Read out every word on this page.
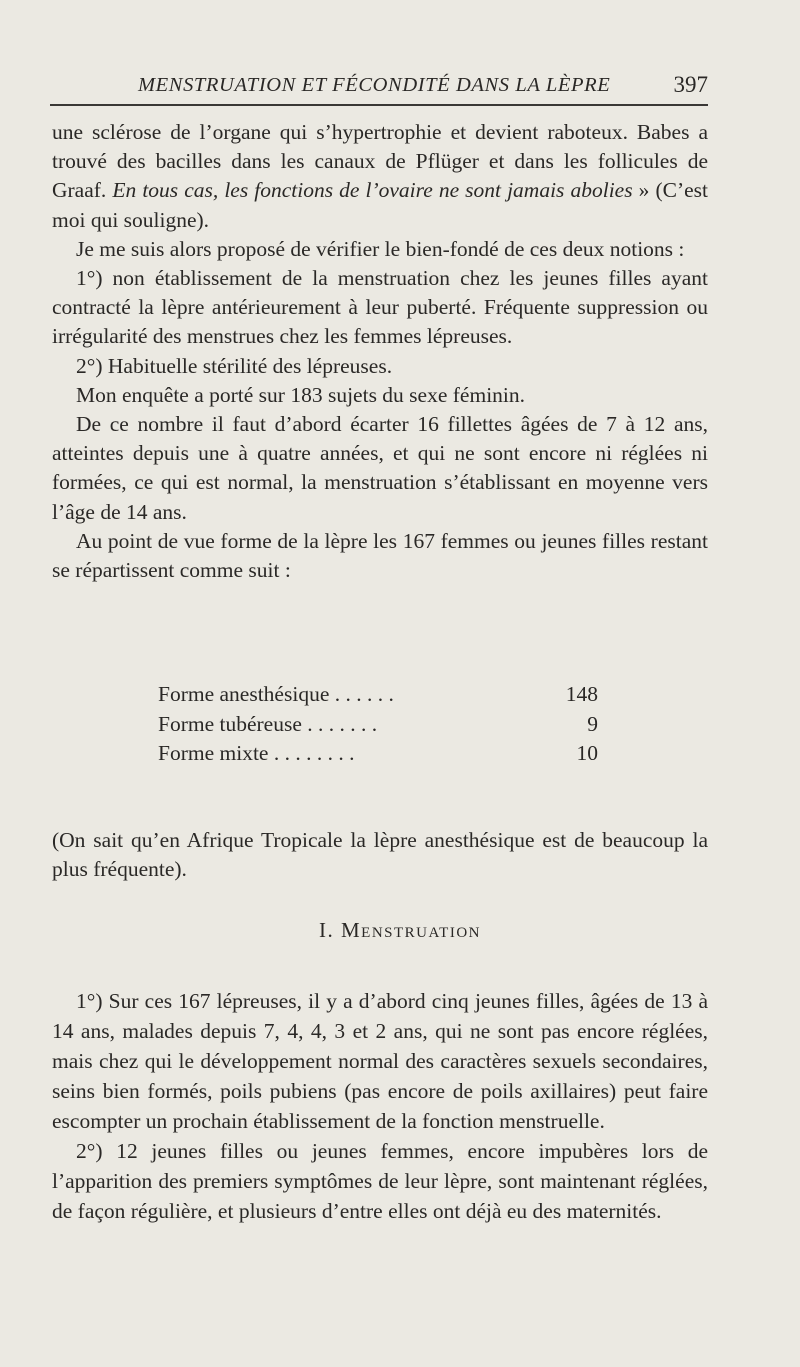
MENSTRUATION ET FÉCONDITÉ DANS LA LÈPRE	397

une sclérose de l’organe qui s’hypertrophie et devient raboteux. Babes a trouvé des bacilles dans les canaux de Pflüger et dans les follicules de Graaf. En tous cas, les fonctions de l’ovaire ne sont jamais abolies » (C’est moi qui souligne).

Je me suis alors proposé de vérifier le bien-fondé de ces deux notions :

1°) non établissement de la menstruation chez les jeunes filles ayant contracté la lèpre antérieurement à leur puberté. Fréquente suppression ou irrégularité des menstrues chez les femmes lépreuses.

2°) Habituelle stérilité des lépreuses.

Mon enquête a porté sur 183 sujets du sexe féminin.

De ce nombre il faut d’abord écarter 16 fillettes âgées de 7 à 12 ans, atteintes depuis une à quatre années, et qui ne sont encore ni réglées ni formées, ce qui est normal, la menstruation s’établissant en moyenne vers l’âge de 14 ans.

Au point de vue forme de la lèpre les 167 femmes ou jeunes filles restant se répartissent comme suit :

Forme anesthésique . . . . . .	148
Forme tubéreuse . . . . . . .	9
Forme mixte . . . . . . . .	10

(On sait qu’en Afrique Tropicale la lèpre anesthésique est de beaucoup la plus fréquente).

I. Menstruation

1°) Sur ces 167 lépreuses, il y a d’abord cinq jeunes filles, âgées de 13 à 14 ans, malades depuis 7, 4, 4, 3 et 2 ans, qui ne sont pas encore réglées, mais chez qui le développement normal des caractères sexuels secondaires, seins bien formés, poils pubiens (pas encore de poils axillaires) peut faire escompter un prochain établissement de la fonction menstruelle.

2°) 12 jeunes filles ou jeunes femmes, encore impubères lors de l’apparition des premiers symptômes de leur lèpre, sont maintenant réglées, de façon régulière, et plusieurs d’entre elles ont déjà eu des maternités.
